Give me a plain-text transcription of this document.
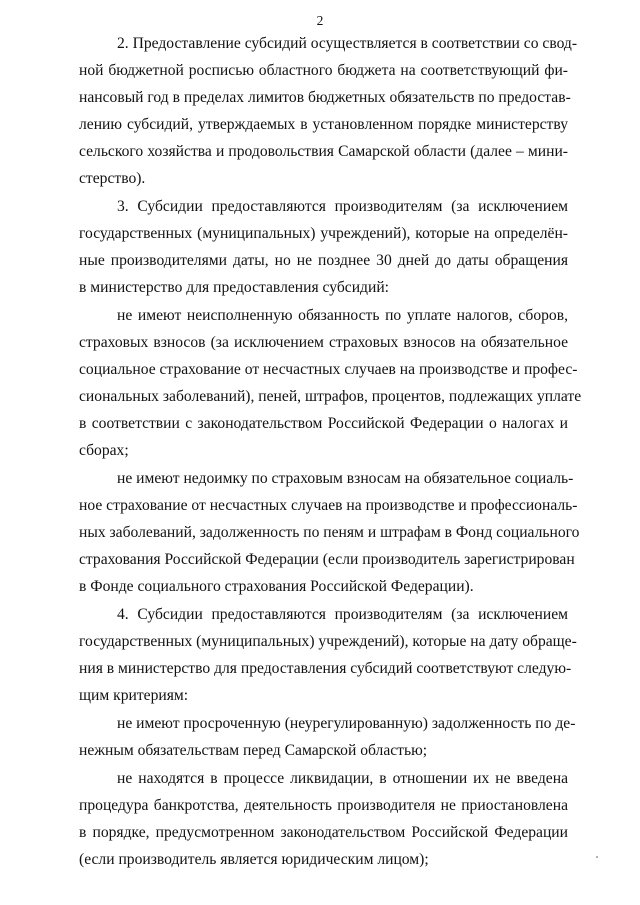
2
2. Предоставление субсидий осуществляется в соответствии со свод-
ной бюджетной росписью областного бюджета на соответствующий фи-
нансовый год в пределах лимитов бюджетных обязательств по предостав-
лению субсидий, утверждаемых в установленном порядке министерству
сельского хозяйства и продовольствия Самарской области (далее – мини-
стерство).
3. Субсидии предоставляются производителям (за исключением
государственных (муниципальных) учреждений), которые на определён-
ные производителями даты, но не позднее 30 дней до даты обращения
в министерство для предоставления субсидий:
не имеют неисполненную обязанность по уплате налогов, сборов,
страховых взносов (за исключением страховых взносов на обязательное
социальное страхование от несчастных случаев на производстве и профес-
сиональных заболеваний), пеней, штрафов, процентов, подлежащих уплате
в соответствии с законодательством Российской Федерации о налогах и
сборах;
не имеют недоимку по страховым взносам на обязательное социаль-
ное страхование от несчастных случаев на производстве и профессиональ-
ных заболеваний, задолженность по пеням и штрафам в Фонд социального
страхования Российской Федерации (если производитель зарегистрирован
в Фонде социального страхования Российской Федерации).
4. Субсидии предоставляются производителям (за исключением
государственных (муниципальных) учреждений), которые на дату обраще-
ния в министерство для предоставления субсидий соответствуют следую-
щим критериям:
не имеют просроченную (неурегулированную) задолженность по де-
нежным обязательствам перед Самарской областью;
не находятся в процессе ликвидации, в отношении их не введена
процедура банкротства, деятельность производителя не приостановлена
в порядке, предусмотренном законодательством Российской Федерации
(если производитель является юридическим лицом);
